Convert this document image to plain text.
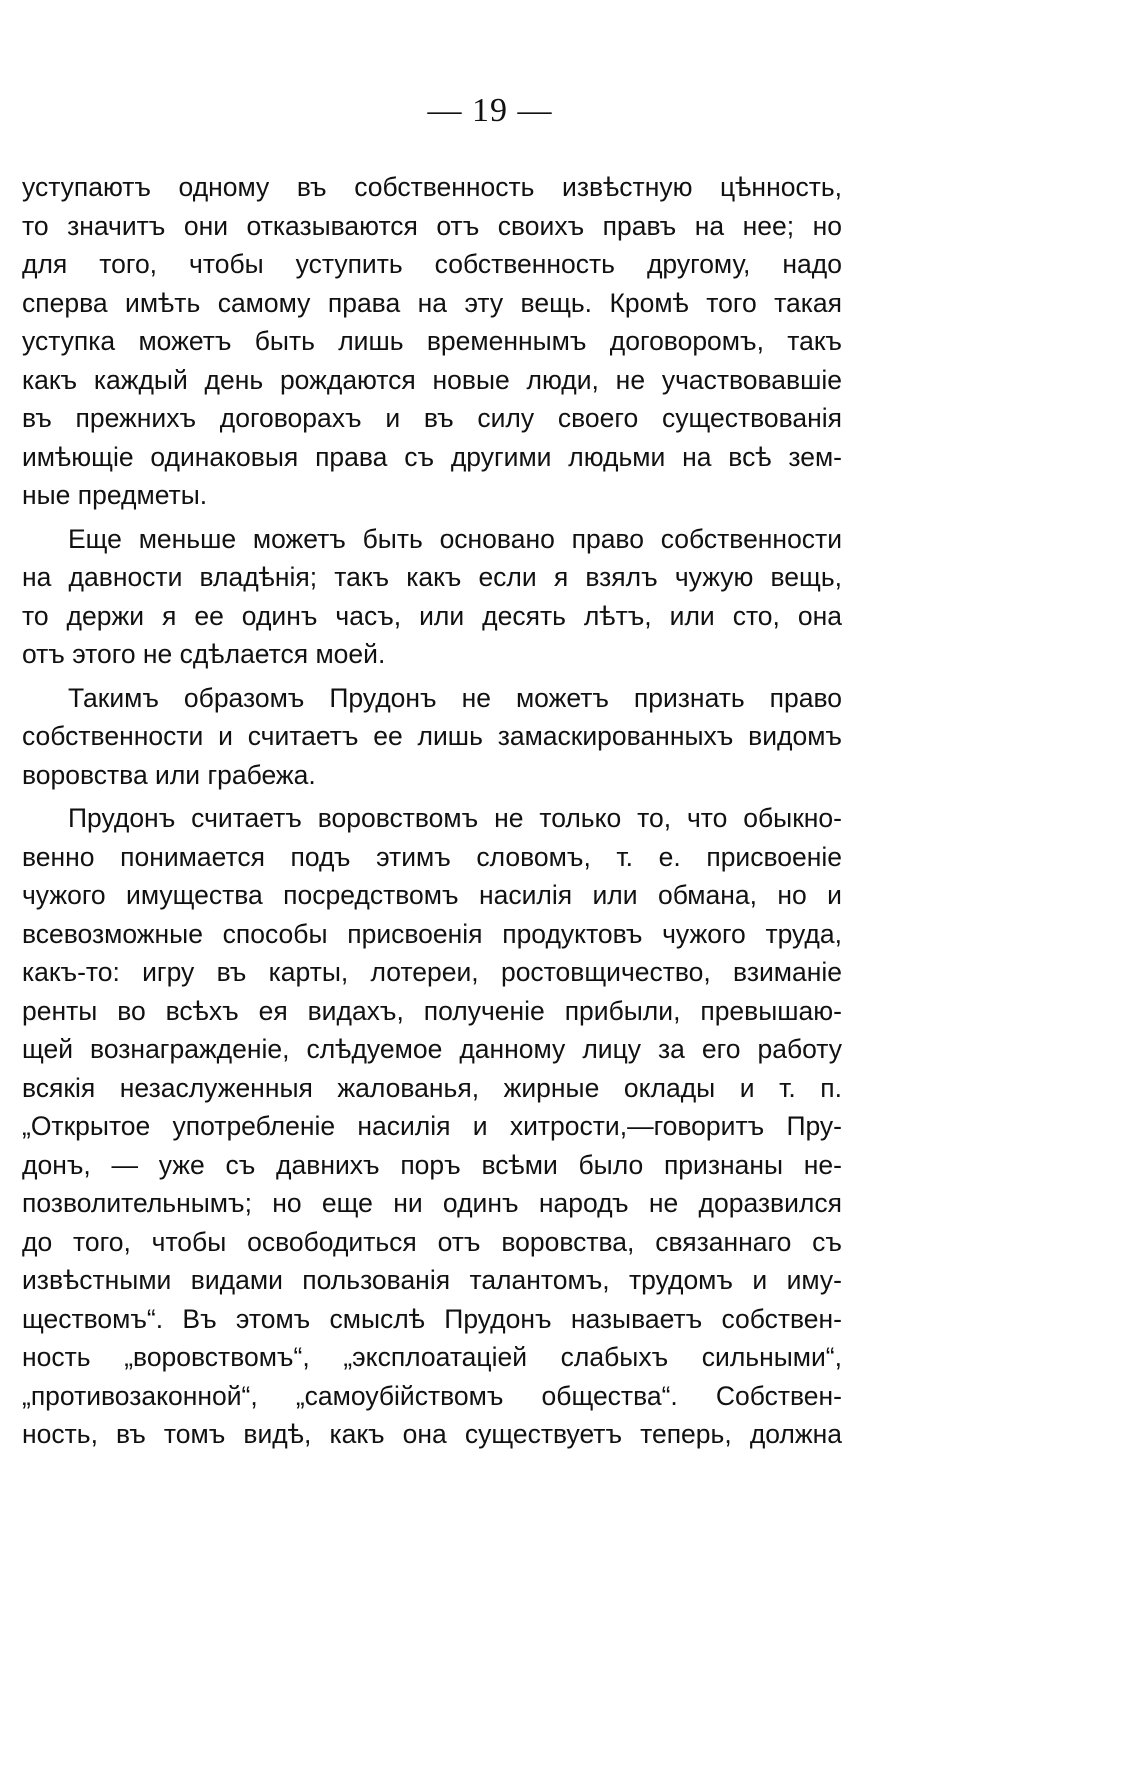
— 19 —
уступаютъ одному въ собственность извѣстную цѣнность,
то значитъ они отказываются отъ своихъ правъ на нее; но
для того, чтобы уступить собственность другому, надо
сперва имѣть самому права на эту вещь. Кромѣ того такая
уступка можетъ быть лишь временнымъ договоромъ, такъ
какъ каждый день рождаются новые люди, не участвовавшіе
въ прежнихъ договорахъ и въ силу своего существованія
имѣющіе одинаковыя права съ другими людьми на всѣ зем-
ные предметы.
Еще меньше можетъ быть основано право собственности
на давности владѣнія; такъ какъ если я взялъ чужую вещь,
то держи я ее одинъ часъ, или десять лѣтъ, или сто, она
отъ этого не сдѣлается моей.
Такимъ образомъ Прудонъ не можетъ признать право
собственности и считаетъ ее лишь замаскированныхъ видомъ
воровства или грабежа.
Прудонъ считаетъ воровствомъ не только то, что обыкно-
венно понимается подъ этимъ словомъ, т. е. присвоеніе
чужого имущества посредствомъ насилія или обмана, но и
всевозможные способы присвоенія продуктовъ чужого труда,
какъ-то: игру въ карты, лотереи, ростовщичество, взиманіе
ренты во всѣхъ ея видахъ, полученіе прибыли, превышаю-
щей вознагражденіе, слѣдуемое данному лицу за его работу
всякія незаслуженныя жалованья, жирные оклады и т. п.
„Открытое употребленіе насилія и хитрости,—говоритъ Пру-
донъ, — уже съ давнихъ поръ всѣми было признаны не-
позволительнымъ; но еще ни одинъ народъ не доразвился
до того, чтобы освободиться отъ воровства, связаннаго съ
извѣстными видами пользованія талантомъ, трудомъ и иму-
ществомъ“. Въ этомъ смыслѣ Прудонъ называетъ собствен-
ность „воровствомъ“, „эксплоатаціей слабыхъ сильными“,
„противозаконной“, „самоубійствомъ общества“. Собствен-
ность, въ томъ видѣ, какъ она существуетъ теперь, должна
